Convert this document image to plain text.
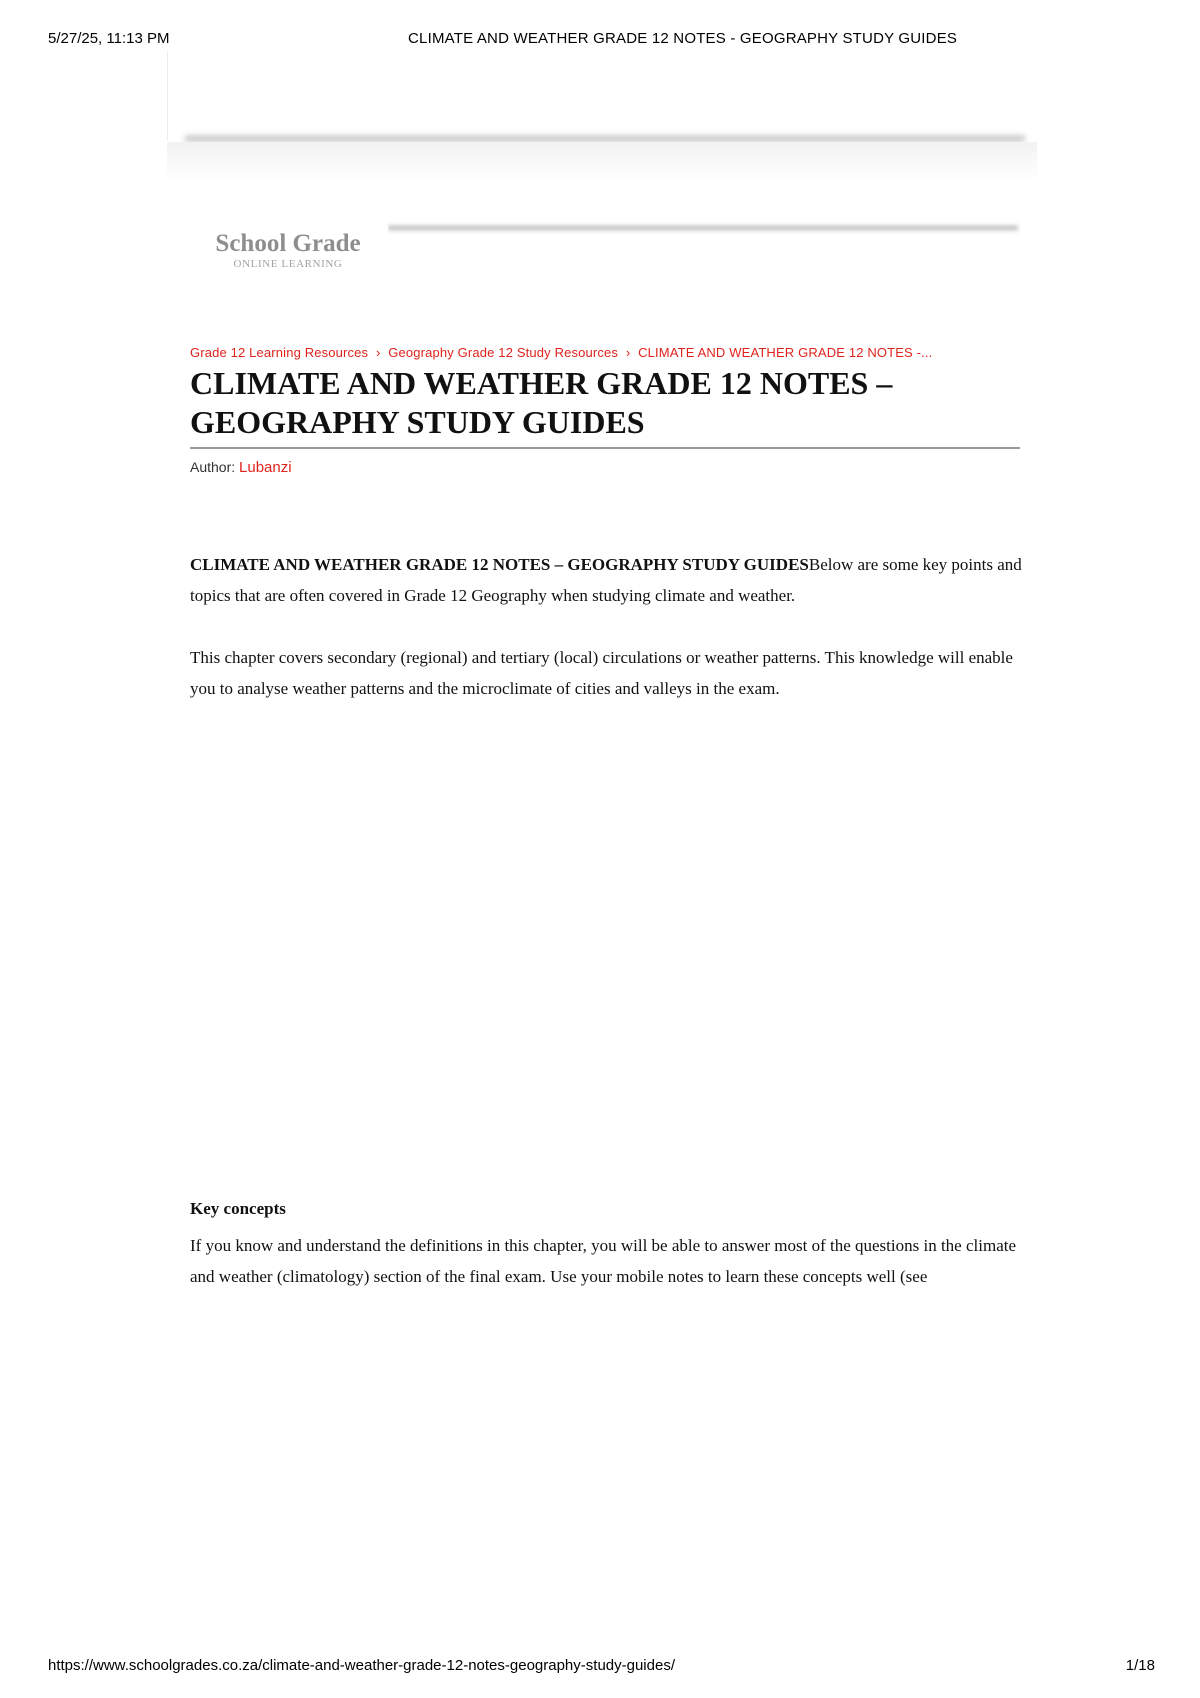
5/27/25, 11:13 PM	CLIMATE AND WEATHER GRADE 12 NOTES - GEOGRAPHY STUDY GUIDES
School Grade
ONLINE LEARNING
Grade 12 Learning Resources › Geography Grade 12 Study Resources › CLIMATE AND WEATHER GRADE 12 NOTES -...
CLIMATE AND WEATHER GRADE 12 NOTES – GEOGRAPHY STUDY GUIDES
Author: Lubanzi

CLIMATE AND WEATHER GRADE 12 NOTES – GEOGRAPHY STUDY GUIDESBelow are some key points and topics that are often covered in Grade 12 Geography when studying climate and weather.

This chapter covers secondary (regional) and tertiary (local) circulations or weather patterns. This knowledge will enable you to analyse weather patterns and the microclimate of cities and valleys in the exam.

Key concepts

If you know and understand the definitions in this chapter, you will be able to answer most of the questions in the climate and weather (climatology) section of the final exam. Use your mobile notes to learn these concepts well (see

https://www.schoolgrades.co.za/climate-and-weather-grade-12-notes-geography-study-guides/	1/18
